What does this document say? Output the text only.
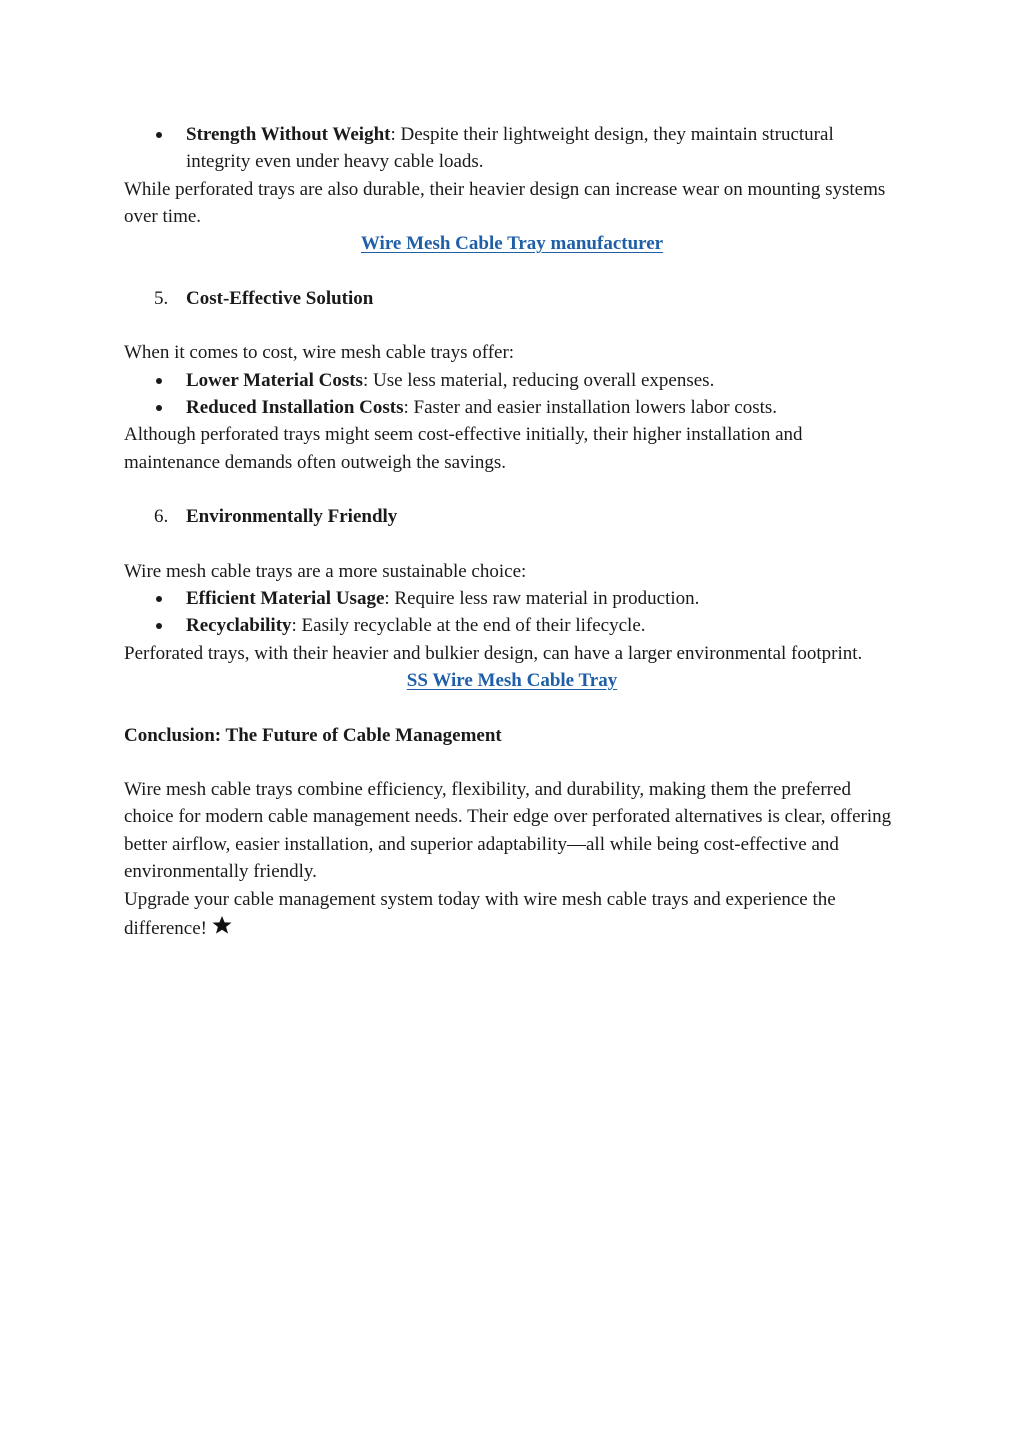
Strength Without Weight: Despite their lightweight design, they maintain structural integrity even under heavy cable loads.

While perforated trays are also durable, their heavier design can increase wear on mounting systems over time.

Wire Mesh Cable Tray manufacturer

5. Cost-Effective Solution

When it comes to cost, wire mesh cable trays offer:

Lower Material Costs: Use less material, reducing overall expenses.
Reduced Installation Costs: Faster and easier installation lowers labor costs.

Although perforated trays might seem cost-effective initially, their higher installation and maintenance demands often outweigh the savings.

6. Environmentally Friendly

Wire mesh cable trays are a more sustainable choice:

Efficient Material Usage: Require less raw material in production.
Recyclability: Easily recyclable at the end of their lifecycle.

Perforated trays, with their heavier and bulkier design, can have a larger environmental footprint.

SS Wire Mesh Cable Tray

Conclusion: The Future of Cable Management

Wire mesh cable trays combine efficiency, flexibility, and durability, making them the preferred choice for modern cable management needs. Their edge over perforated alternatives is clear, offering better airflow, easier installation, and superior adaptability—all while being cost-effective and environmentally friendly.

Upgrade your cable management system today with wire mesh cable trays and experience the difference!
